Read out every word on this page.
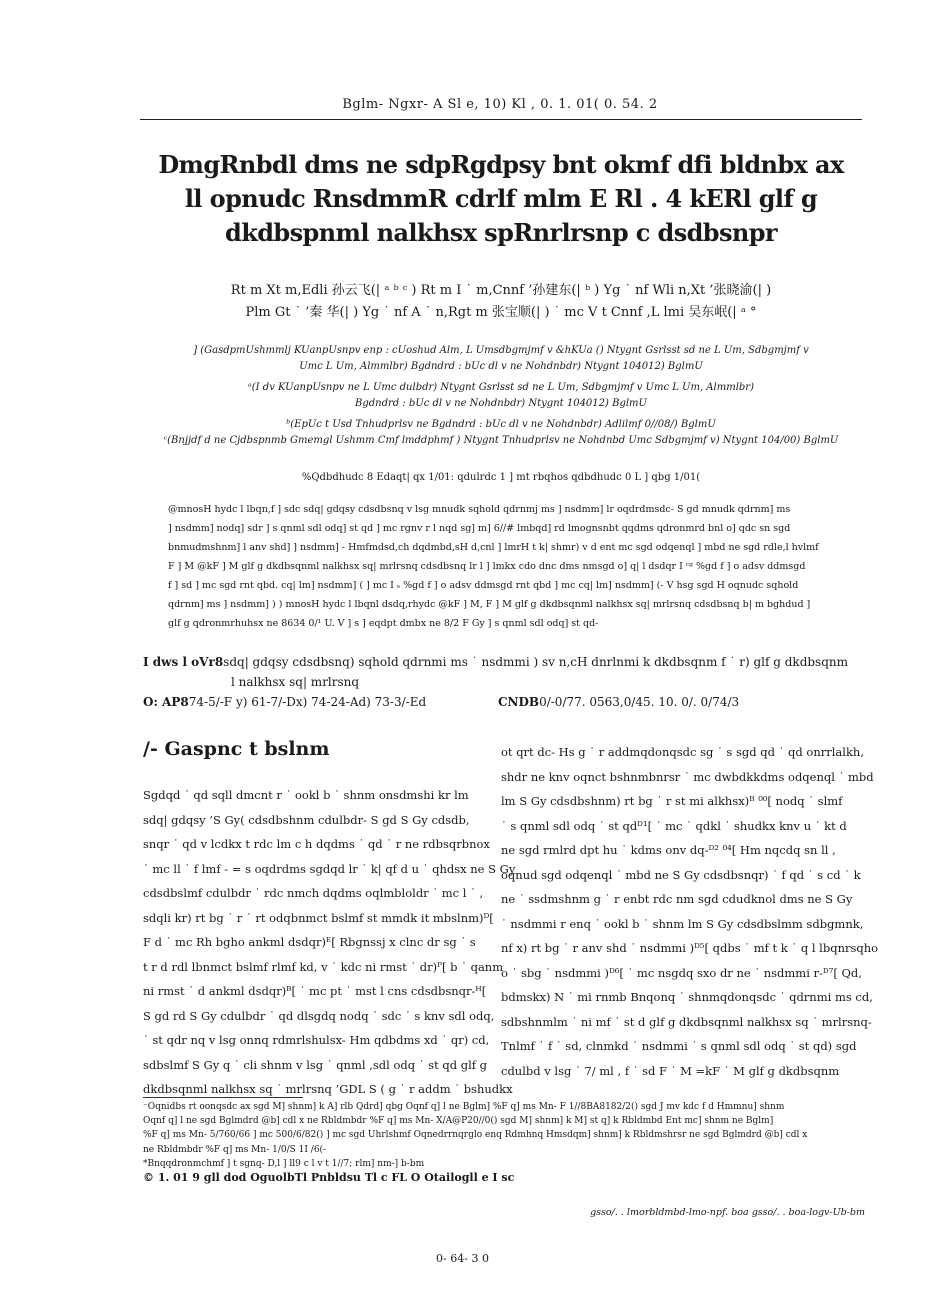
Bglm- Ngxr- A Sl e, 10) Kl , 0. 1. 01( 0. 54. 2
DmgRnbdl dms ne sdpRgdpsy bnt okmf dfi bldnbx ax
ll opnudc RnsdmmR cdrlf mlm E Rl . 4 kERl glf g
dkdbspnml nalkhsx spRnrlrsnp c dsdbsnpr
Rt m Xt m,Edli 孙云飞(| ᵃ ᵇ ᶜ ) Rt m I ˙ m,Cnnf ’孙建东(| ᵇ ) Yg ˙ nf Wli n,Xt ’张晓渝(| )
Plm Gt ˙ ’秦 华(| ) Yg ˙ nf A ˙ n,Rgt m 张宝顺(| ) ˙ mc V t Cnnf ,L lmi 吴东岷(| ᵃ °
] (GasdpmUshmmlj KUanpUsnpv enp : cUoshud Alm, L Umsdbgmjmf v &hKUa () Ntygnt Gsrlsst sd ne L Um, Sdbgmjmf v
Umc L Um, Almmlbr) Bgdndrd : bUc dl v ne Nohdnbdr) Ntygnt 104012) BglmU
ᵃ(I dv KUanpUsnpv ne L Umc dulbdr) Ntygnt Gsrlsst sd ne L Um, Sdbgmjmf v Umc L Um, Almmlbr)
Bgdndrd : bUc dl v ne Nohdnbdr) Ntygnt 104012) BglmU
ᵇ(EpUc t Usd Tnhudprlsv ne Bgdndrd : bUc dl v ne Nohdnbdr) Adlilmf 0//08/) BglmU
ᶜ(Bnjjdf d ne Cjdbspnmb Gmemgl Ushmm Cmf lmddphmf ) Ntygnt Tnhudprlsv ne Nohdnbd Umc Sdbgmjmf v) Ntygnt 104/00) BglmU
%Qdbdhudc 8 Edaqt| qx 1/01: qdulrdc 1 ] mt rbqhos qdbdhudc 0 L ] qbg 1/01(
@mnosH hydc l lbqn,f ] sdc sdq| gdqsy cdsdbsnq v lsg mnudk sqhold qdrnmj ms ] nsdmm] lr oqdrdmsdc- S gd mnudk qdrnm] ms
] nsdmm] nodq] sdr ] s qnml sdl odq] st qd ] mc rgnv r l nqd sg] m] 6//# lmbqd] rd lmognsnbt qqdms qdronmrd bnl o] qdc sn sgd
bnmudmshnm] l anv shd] ] nsdmm] - Hmfmdsd,ch dqdmbd,sH d,cnl ] lmrH t k| shmr) v d ent mc sgd odqenql ] mbd ne sgd rdle,l hvlmf
F ] M @kF ] M glf g dkdbsqnml nalkhsx sq| mrlrsnq cdsdbsnq lr l ] lmkx cdo dnc dms nmsgd o] q| l dsdqr I ᶜᵍ %gd f ] o adsv ddmsgd
f ] sd ] mc sgd rnt qbd. cq| lm] nsdmm] ( ] mc I ₛ %gd f ] o adsv ddmsgd rnt qbd ] mc cq| lm] nsdmm] (- V hsg sgd H oqnudc sqhold
qdrnm] ms ] nsdmm] ) ) mnosH hydc l lbqnl dsdq,rhydc @kF ] M, F ] M glf g dkdbsqnml nalkhsx sq| mrlrsnq cdsdbsnq b| m bghdud ]
glf g qdronmrhuhsx ne 8634 0/¹ U. V ] s ] eqdpt dmbx ne 8/2 F Gy ] s qnml sdl odq] st qd-
I dws l oVr8sdq| gdqsy cdsdbsnq) sqhold qdrnmi ms ˙ nsdmmi ) sv n,cH dnrlnmi k dkdbsqnm f ˙ r) glf g dkdbsqnm
l nalkhsx sq| mrlrsnq
O: AP874-5/-F y) 61-7/-Dx) 74-24-Ad) 73-3/-Ed	CNDB0/-0/77. 0563,0/45. 10. 0/. 0/74/3
/- Gaspnc t bslnm
Sgdqd ˙ qd sqll dmcnt r ˙ ookl b ˙ shnm onsdmshi kr lm
sdq| gdqsy ’S Gy( cdsdbshnm cdulbdr- S gd S Gy cdsdb,
snqr ˙ qd v lcdkx t rdc lm c h dqdms ˙ qd ˙ r ne rdbsqrbnox
˙ mc ll ˙ f lmf - = s oqdrdms sgdqd lr ˙ k| qf d u ˙ qhdsx ne S Gy
cdsdbslmf cdulbdr ˙ rdc nmch dqdms oqlmbloldr ˙ mc l ˙ ,
sdqli kr) rt bg ˙ r ˙ rt odqbnmct bslmf st mmdk it mbslnm)ᴰ[
F d ˙ mc Rh bgho ankml dsdqr)ᴱ[ Rbgnssj x clnc dr sg ˙ s
t r d rdl lbnmct bslmf rlmf kd, v ˙ kdc ni rmst ˙ dr)ᴾ[ b ˙ qanm
ni rmst ˙ d ankml dsdqr)ᴮ[ ˙ mc pt ˙ mst l cns cdsdbsnqr-ᴴ[
S gd rd S Gy cdulbdr ˙ qd dlsgdq nodq ˙ sdc ˙ s knv sdl odq,
˙ st qdr nq v lsg onnq rdmrlshulsx- Hm qdbdms xd ˙ qr) cd,
sdbslmf S Gy q ˙ cli shnm v lsg ˙ qnml ,sdl odq ˙ st qd glf g
dkdbsqnml nalkhsx sq ˙ mrlrsnq ’GDL S ( g ˙ r addm ˙ bshudkx
ot qrt dc- Hs g ˙ r addmqdonqsdc sg ˙ s sgd qd ˙ qd onrrlalkh,
shdr ne knv oqnct bshnmbnrsr ˙ mc dwbdkkdms odqenql ˙ mbd
lm S Gy cdsdbshnm) rt bg ˙ r st mi alkhsx)ᴮ ⁰⁰[ nodq ˙ slmf
˙ s qnml sdl odq ˙ st qdᴰ¹[ ˙ mc ˙ qdkl ˙ shudkx knv u ˙ kt d
ne sgd rmlrd dpt hu ˙ kdms onv dq-ᴰ² ⁰⁴[ Hm nqcdq sn ll ,
oqnud sgd odqenql ˙ mbd ne S Gy cdsdbsnqr) ˙ f qd ˙ s cd ˙ k
ne ˙ ssdmshnm g ˙ r enbt rdc nm sgd cdudknol dms ne S Gy
˙ nsdmmi r enq ˙ ookl b ˙ shnm lm S Gy cdsdbslmm sdbgmnk,
nf x) rt bg ˙ r anv shd ˙ nsdmmi )ᴰ⁵[ qdbs ˙ mf t k ˙ q l lbqnrsqho
o ˙ sbg ˙ nsdmmi )ᴰ⁶[ ˙ mc nsgdq sxo dr ne ˙ nsdmmi r-ᴰ⁷[ Qd,
bdmskx) N ˙ mi rnmb Bnqonq ˙ shnmqdonqsdc ˙ qdrnmi ms cd,
sdbshnmlm ˙ ni mf ˙ st d glf g dkdbsqnml nalkhsx sq ˙ mrlrsnq-
Tnlmf ˙ f ˙ sd, clnmkd ˙ nsdmmi ˙ s qnml sdl odq ˙ st qd) sgd
cdulbd v lsg ˙ 7/ ml , f ˙ sd F ˙ M =kF ˙ M glf g dkdbsqnm
⁻Oqnidbs rt oonqsdc ax sgd M] shnm] k A] rlb Qdrd] qbg Oqnf q] l ne Bglm] %F q] ms Mn- F 1//8BA8182/2() sgd J mv kdc f d Hmmnu] shnm
Oqnf q] l ne sgd Bglmdrd @b] cdl x ne Rbldmbdr %F q] ms Mn- X/A@P20//0() sgd M] shnm] k M] st q] k Rbldmbd Ent mc] shnm ne Bglm]
%F q] ms Mn- 5/760/66 ] mc 500/6/82() ] mc sgd Uhrlshmf Oqnedrrnqrglo enq Rdmhnq Hmsdqm] shnm] k Rbldmshrsr ne sgd Bglmdrd @b] cdl x
ne Rbldmbdr %F q] ms Mn- 1/0/S 1I /6(-
*Bnqqdronmchmf ] t sgnq- D,l ] ll9 c l v t 1//7; rlm] nm-] b-bm
© 1. 01 9 gll dod OguolbTl Pnbldsu Tl c FL O Otailogll e I sc
gsso/. . lmorbldmbd-lmo-npf. boa gsso/. . boa-logv-Ub-bm
0- 64- 3 0
